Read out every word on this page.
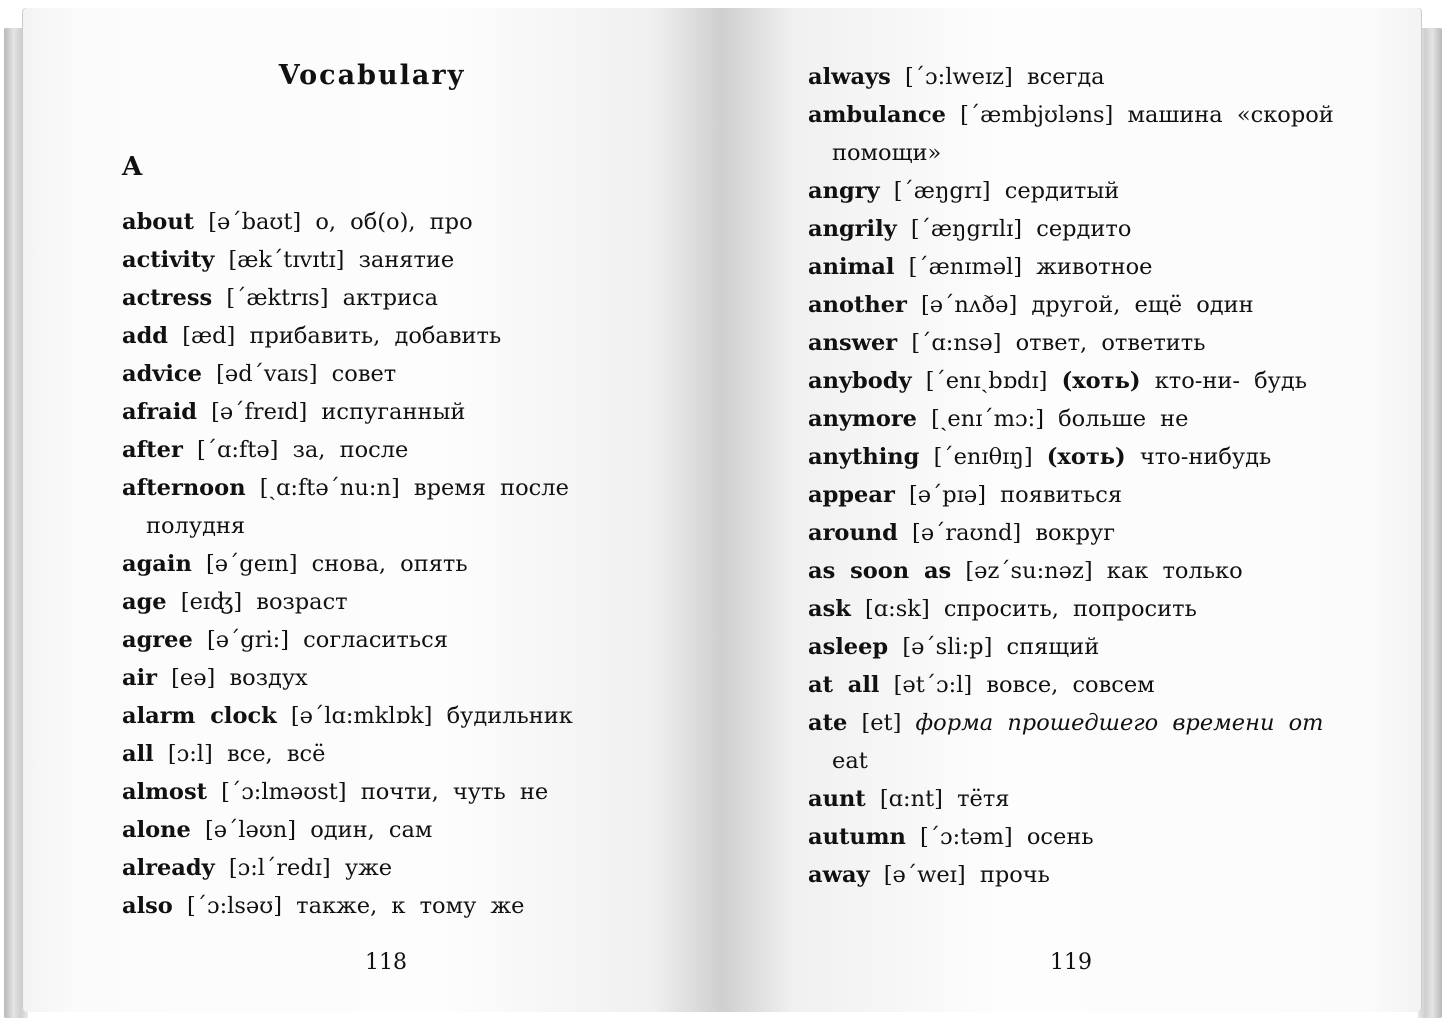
Vocabulary
A
about [əˊbaʊt] о, об(о), про
activity [ækˊtɪvɪtɪ] занятие
actress [ˊæktrɪs] актриса
add [æd] прибавить, добавить
advice [ədˊvaɪs] совет
afraid [əˊfreɪd] испуганный
after [ˊɑ:ftə] за, после
afternoon [ˏɑ:ftəˊnu:n] время после полудня
again [əˊgeɪn] снова, опять
age [eɪʤ] возраст
agree [əˊgri:] согласиться
air [eə] воздух
alarm clock [əˊlɑ:mklɒk] будильник
all [ɔ:l] все, всё
almost [ˊɔ:lməʊst] почти, чуть не
alone [əˊləʊn] один, сам
already [ɔ:lˊredɪ] уже
also [ˊɔ:lsəʊ] также, к тому же
118
always [ˊɔ:lweɪz] всегда
ambulance [ˊæmbjʊləns] машина «скорой помощи»
angry [ˊæŋgrɪ] сердитый
angrily [ˊæŋgrɪlɪ] сердито
animal [ˊænɪməl] животное
another [əˊnʌðə] другой, ещё один
answer [ˊɑ:nsə] ответ, ответить
anybody [ˊenɪˏbɒdɪ] (хоть) кто-ни- будь
anymore [ˏenɪˊmɔ:] больше не
anything [ˊenɪθɪŋ] (хоть) что-нибудь
appear [əˊpɪə] появиться
around [əˊraʊnd] вокруг
as soon as [əzˊsu:nəz] как только
ask [ɑ:sk] спросить, попросить
asleep [əˊsli:p] спящий
at all [ətˊɔ:l] вовсе, совсем
ate [et] форма прошедшего времени от eat
aunt [ɑ:nt] тётя
autumn [ˊɔ:təm] осень
away [əˊweɪ] прочь
119
